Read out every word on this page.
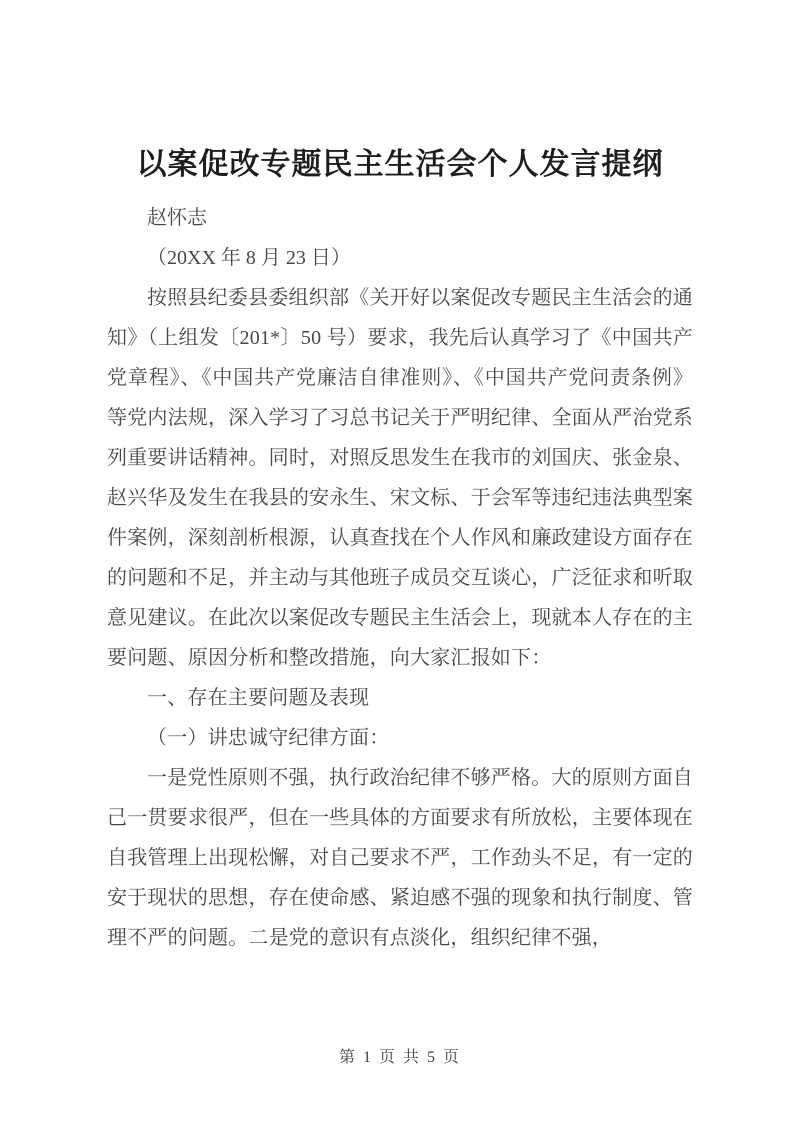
以案促改专题民主生活会个人发言提纲

赵怀志

（20XX 年 8 月 23 日）

按照县纪委县委组织部《关开好以案促改专题民主生活会的通知》（上组发〔201*〕50 号）要求，我先后认真学习了《中国共产党章程》、《中国共产党廉洁自律准则》、《中国共产党问责条例》等党内法规，深入学习了习总书记关于严明纪律、全面从严治党系列重要讲话精神。同时，对照反思发生在我市的刘国庆、张金泉、赵兴华及发生在我县的安永生、宋文标、于会军等违纪违法典型案件案例，深刻剖析根源，认真查找在个人作风和廉政建设方面存在的问题和不足，并主动与其他班子成员交互谈心，广泛征求和听取意见建议。在此次以案促改专题民主生活会上，现就本人存在的主要问题、原因分析和整改措施，向大家汇报如下：

一、存在主要问题及表现

（一）讲忠诚守纪律方面：

一是党性原则不强，执行政治纪律不够严格。大的原则方面自己一贯要求很严，但在一些具体的方面要求有所放松，主要体现在自我管理上出现松懈，对自己要求不严，工作劲头不足，有一定的安于现状的思想，存在使命感、紧迫感不强的现象和执行制度、管理不严的问题。二是党的意识有点淡化，组织纪律不强，

第 1 页 共 5 页
